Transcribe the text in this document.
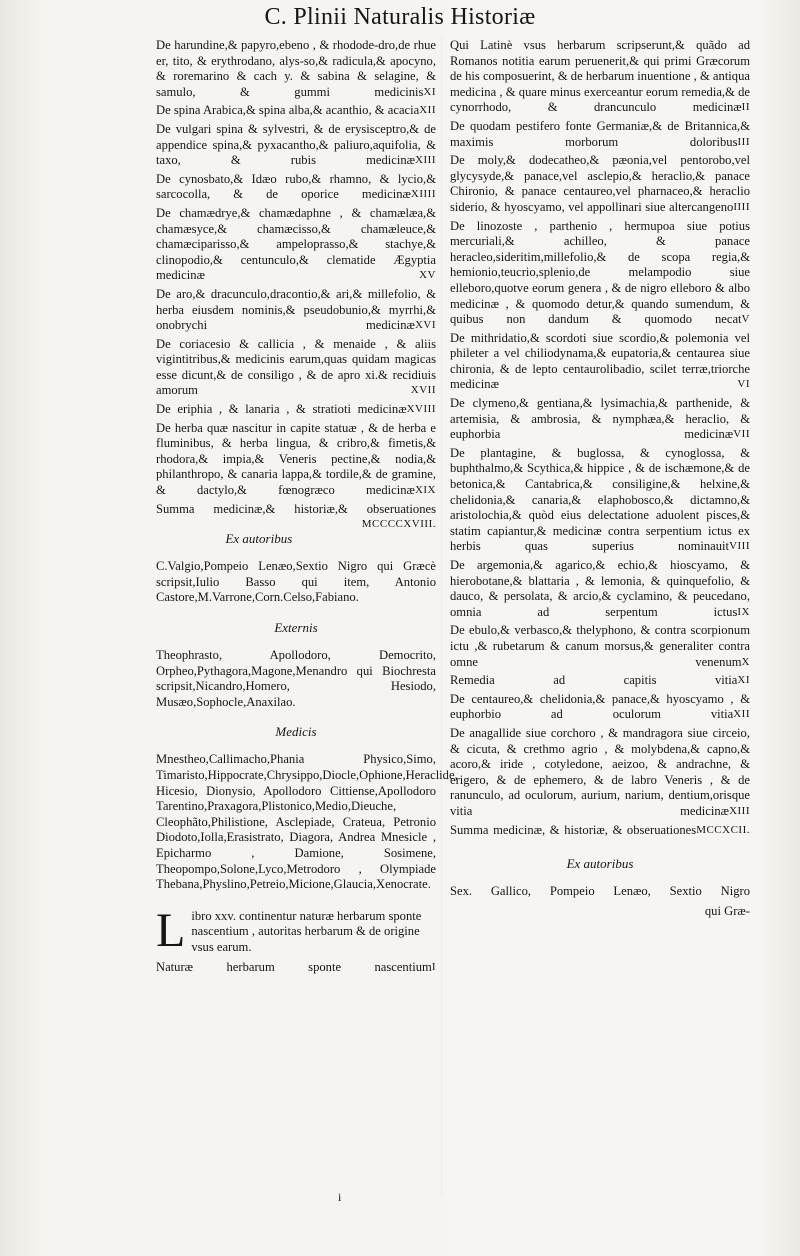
C. Plinii Naturalis Historiæ
De harundine,& papyro,ebeno , & rhodode-dro,de rhue er, tito, & erythrodano, alys-so,& radicula,& apocyno, & roremarino & cach y. & sabina & selagine, & samulo, & gummi medicinis XI
De spina Arabica,& spina alba,& acanthio, & acacia XII
De vulgari spina & sylvestri, & de erysisceptro,& de appendice spina,& pyxacantho,& paliuro,aquifolia, & taxo, & rubis medicinæ XIII
De cynosbato,& Idæo rubo,& rhamno, & lycio,& sarcocolla, & de oporice medicinæ XIIII
De chamædrye,& chamædaphne , & chamælæa,& chamæsyce,& chamæcisso,& chamæleuce,& chamæciparisso,& ampeloprasso,& stachye,& clinopodio,& centunculo,& clematide Ægyptia medicinæ	XV
De aro,& dracunculo,dracontio,& ari,& millefolio, & herba eiusdem nominis,& pseudobunio,& myrrhi,& onobrychi medicinæ XVI
De coriacesio & callicia , & menaide , & aliis vigintitribus,& medicinis earum,quas quidam magicas esse dicunt,& de consiligo , & de apro xi.& recidiuis amorum	XVII
De eriphia , & lanaria , & stratioti medicinæ XVIII
De herba quæ nascitur in capite statuæ , & de herba e fluminibus, & herba lingua, & cribro,& fimetis,& rhodora,& impia,& Veneris pectine,& nodia,& philanthropo, & canaria lappa,& tordile,& de gramine, & dactylo,& fœnogræco medicinæ XIX
Summa medicinæ,& historiæ,& obseruationes
MCCCCXVIII.
Ex autoribus
C.Valgio,Pompeio Lenæo,Sextio Nigro qui Græcè scripsit,Iulio Basso qui item, Antonio Castore,M.Varrone,Corn.Celso,Fabiano.
Externis
Theophrasto, Apollodoro, Democrito, Orpheo,Pythagora,Magone,Menandro qui Biochresta scripsit,Nicandro,Homero, Hesiodo, Musæo,Sophocle,Anaxilao.
Medicis
Mnestheo,Callimacho,Phania Physico,Simo, Timaristo,Hippocrate,Chrysippo,Diocle,Ophione,Heraclide, Hicesio, Dionysio, Apollodoro Cittiense,Apollodoro Tarentino,Praxagora,Plistonico,Medio,Dieuche, Cleophãto,Philistione, Asclepiade, Crateua, Petronio Diodoto,Iolla,Erasistrato, Diagora, Andrea Mnesicle , Epicharmo , Damione, Sosimene, Theopompo,Solone,Lyco,Metrodoro , Olympiade Thebana,Physlino,Petreio,Micione,Glaucia,Xenocrate.
L ibro xxv. continentur naturæ herbarum sponte nascentium , autoritas herbarum & de origine vsus earum.
I
Naturæ herbarum sponte nascentium
Qui Latinè vsus herbarum scripserunt,& quãdo ad Romanos notitia earum peruenerit,& qui primi Græcorum de his composuerint, & de herbarum inuentione , & antiqua medicina , & quare minus exerceantur eorum remedia,& de cynorrhodo, & drancunculo medicinæ II
De quodam pestifero fonte Germaniæ,& de Britannica,& maximis morborum doloribus III
De moly,& dodecatheo,& pæonia,vel pentorobo,vel glycysyde,& panace,vel asclepio,& heraclio,& panace Chironio, & panace centaureo,vel pharnaceo,& heraclio siderio, & hyoscyamo, vel appollinari siue altercangeno IIII
De linozoste , parthenio , hermupoa siue potius mercuriali,& achilleo, & panace heracleo,sideritim,millefolio,& de scopa regia,& hemionio,teucrio,splenio,de melampodio siue elleboro,quotve eorum genera , & de nigro elleboro & albo medicinæ , & quomodo detur,& quando sumendum, & quibus non dandum & quomodo necat V
De mithridatio,& scordoti siue scordio,& polemonia vel phileter a vel chiliodynama,& eupatoria,& centaurea siue chironia, & de lepto centaurolibadio, scilet terræ,triorche medicinæ	VI
De clymeno,& gentiana,& lysimachia,& parthenide, & artemisia, & ambrosia, & nymphæa,& heraclio, & euphorbia medicinæ VII
De plantagine, & buglossa, & cynoglossa, & buphthalmo,& Scythica,& hippice , & de ischæmone,& de betonica,& Cantabrica,& consiligine,& helxine,& chelidonia,& canaria,& elaphobosco,& dictamno,& aristolochia,& quòd eius delectatione aduolent pisces,& statim capiantur,& medicinæ contra serpentium ictus ex herbis quas superius nominauit VIII
De argemonia,& agarico,& echio,& hioscyamo, & hierobotane,& blattaria , & lemonia, & quinquefolio, & dauco, & persolata, & arcio,& cyclamino, & peucedano, omnia ad serpentum ictus IX
De ebulo,& verbasco,& thelyphono, & contra scorpionum ictu ,& rubetarum & canum morsus,& generaliter contra omne venenum X
Remedia ad capitis vitia XI
De centaureo,& chelidonia,& panace,& hyoscyamo , & euphorbio ad oculorum vitia XII
De anagallide siue corchoro , & mandragora siue circeio, & cicuta, & crethmo agrio , & molybdena,& capno,& acoro,& iride , cotyledone, aeizoo, & andrachne, & erigero, & de ephemero, & de labro Veneris , & de ranunculo, ad oculorum, aurium, narium, dentium,orisque vitia medicinæ XIII
Summa medicinæ, & historiæ, & obseruationes MCCXCII.
Ex autoribus
Sex. Gallico, Pompeio Lenæo, Sextio Nigro
qui Græ-
i
